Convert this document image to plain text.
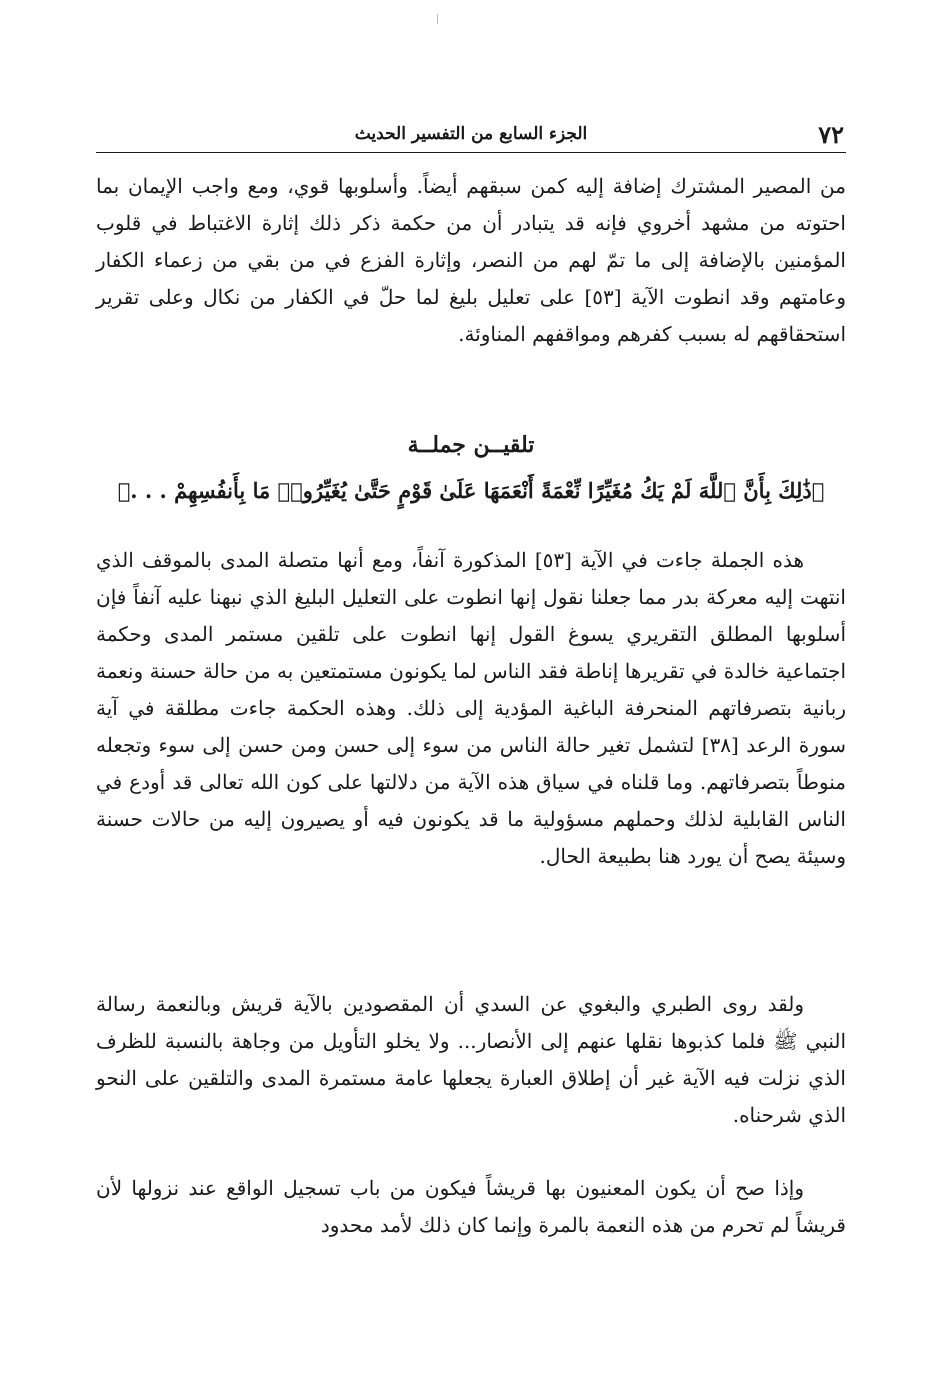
٧٢
الجزء السابع من التفسير الحديث

من المصير المشترك إضافة إليه كمن سبقهم أيضاً. وأسلوبها قوي، ومع واجب الإيمان بما احتوته من مشهد أخروي فإنه قد يتبادر أن من حكمة ذكر ذلك إثارة الاغتباط في قلوب المؤمنين بالإضافة إلى ما تمّ لهم من النصر، وإثارة الفزع في من بقي من زعماء الكفار وعامتهم وقد انطوت الآية [٥٣] على تعليل بليغ لما حلّ في الكفار من نكال وعلى تقرير استحقاقهم له بسبب كفرهم ومواقفهم المناوئة.

تلقيــن جملــة

﴿ذَٰلِكَ بِأَنَّ ٱللَّهَ لَمْ يَكُ مُغَيِّرًا نِّعْمَةً أَنْعَمَهَا عَلَىٰ قَوْمٍ حَتَّىٰ يُغَيِّرُوا۟ مَا بِأَنفُسِهِمْ . . .﴾

هذه الجملة جاءت في الآية [٥٣] المذكورة آنفاً، ومع أنها متصلة المدى بالموقف الذي انتهت إليه معركة بدر مما جعلنا نقول إنها انطوت على التعليل البليغ الذي نبهنا عليه آنفاً فإن أسلوبها المطلق التقريري يسوغ القول إنها انطوت على تلقين مستمر المدى وحكمة اجتماعية خالدة في تقريرها إناطة فقد الناس لما يكونون مستمتعين به من حالة حسنة ونعمة ربانية بتصرفاتهم المنحرفة الباغية المؤدية إلى ذلك. وهذه الحكمة جاءت مطلقة في آية سورة الرعد [٣٨] لتشمل تغير حالة الناس من سوء إلى حسن ومن حسن إلى سوء وتجعله منوطاً بتصرفاتهم. وما قلناه في سياق هذه الآية من دلالتها على كون الله تعالى قد أودع في الناس القابلية لذلك وحملهم مسؤولية ما قد يكونون فيه أو يصيرون إليه من حالات حسنة وسيئة يصح أن يورد هنا بطبيعة الحال.

ولقد روى الطبري والبغوي عن السدي أن المقصودين بالآية قريش وبالنعمة رسالة النبي ﷺ فلما كذبوها نقلها عنهم إلى الأنصار... ولا يخلو التأويل من وجاهة بالنسبة للظرف الذي نزلت فيه الآية غير أن إطلاق العبارة يجعلها عامة مستمرة المدى والتلقين على النحو الذي شرحناه.

وإذا صح أن يكون المعنيون بها قريشاً فيكون من باب تسجيل الواقع عند نزولها لأن قريشاً لم تحرم من هذه النعمة بالمرة وإنما كان ذلك لأمد محدود
